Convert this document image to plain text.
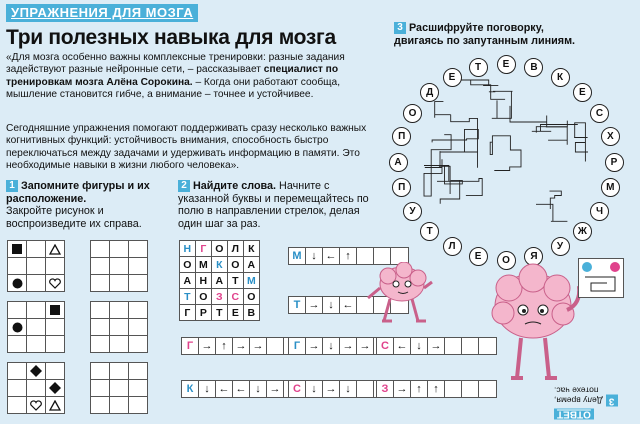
УПРАЖНЕНИЯ ДЛЯ МОЗГА
Три полезных навыка для мозга
«Для мозга особенно важны комплексные тренировки: разные задания задействуют разные нейронные сети, – рассказывает специалист по тренировкам мозга Алёна Сорокина. – Когда они работают сообща, мышление становится гибче, а внимание – точнее и устойчивее.
Сегодняшние упражнения помогают поддерживать сразу несколько важных когнитивных функций: устойчивость внимания, способность быстро переключаться между задачами и удерживать информацию в памяти. Это необходимые навыки в жизни любого человека».
1 Запомните фигуры и их расположение.
Закройте рисунок и воспроизведите их справа.
2 Найдите слова. Начните с указанной буквы и перемещайтесь по полю в направлении стрелок, делая один шаг за раз.
Н Г О Л К
О М К О А
А Н А Т М
Т О З С О
Г Р Т Е В
М ↓ ← ↑
Т → ↓ ←
Г → ↑ → →	Г → ↓ → → С ← ↓ →
К ↓ ← ← ↓ →	С ↓ → ↓	З → ↑	↑
3 Расшифруйте поговорку, двигаясь по запутанным линиям.
А
П
О
Д
Е
Т	Е	В
К
Е
С
Х
Р
М
Ч
Ж
У
Я
О
Е
Л
Т
У
П
ОТВЕТ
3Делу время, потехе час.
